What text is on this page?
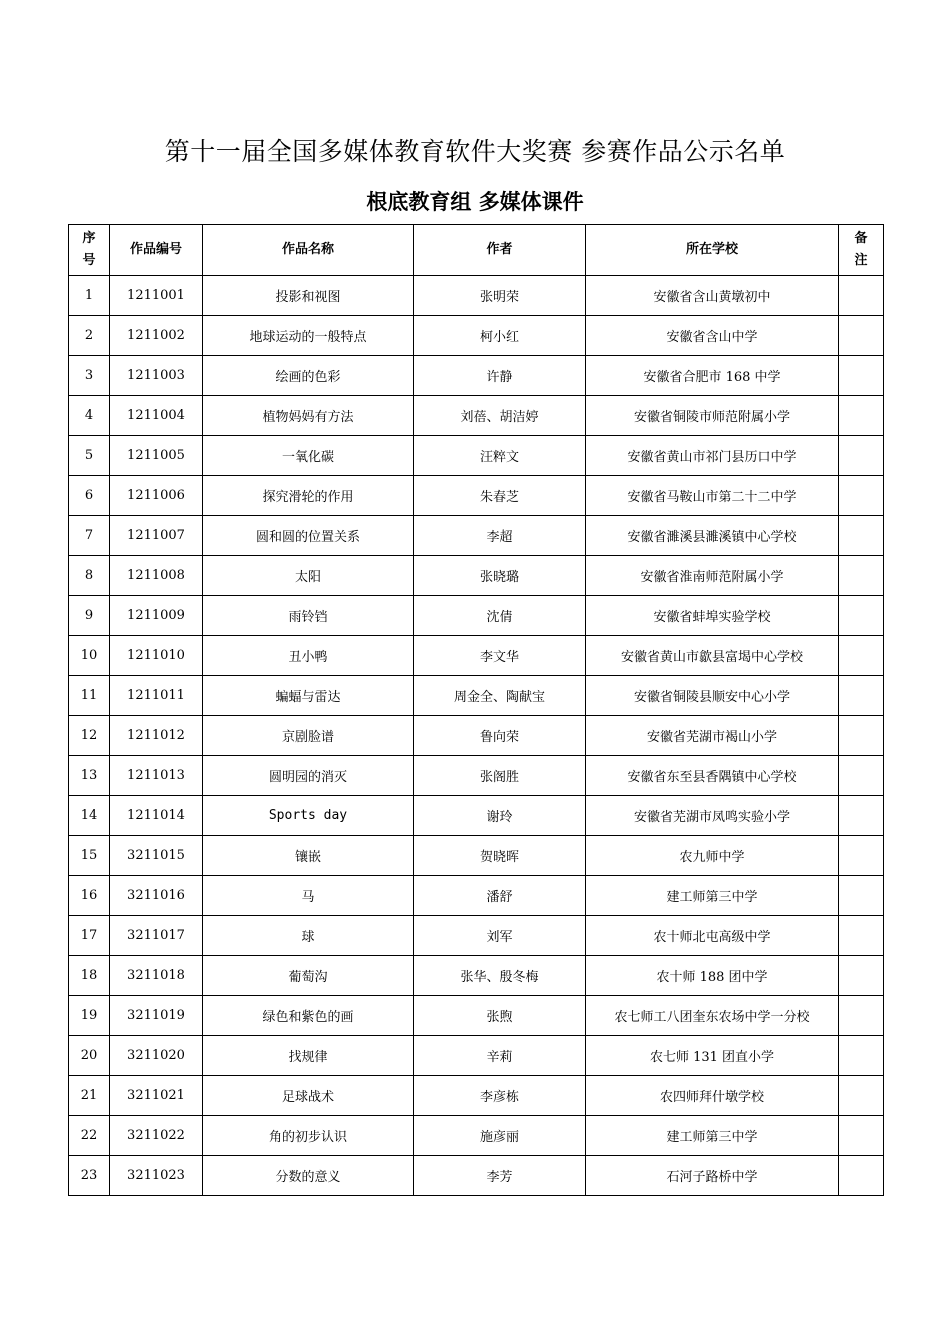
第十一届全国多媒体教育软件大奖赛 参赛作品公示名单
根底教育组 多媒体课件
序
号	作品编号	作品名称	作者	所在学校	备
注
1	1211001	投影和视图	张明荣	安徽省含山黄墩初中	
2	1211002	地球运动的一般特点	柯小红	安徽省含山中学	
3	1211003	绘画的色彩	许静	安徽省合肥市 168 中学	
4	1211004	植物妈妈有方法	刘蓓、胡洁婷	安徽省铜陵市师范附属小学	
5	1211005	一氧化碳	汪粹文	安徽省黄山市祁门县历口中学	
6	1211006	探究滑轮的作用	朱春芝	安徽省马鞍山市第二十二中学	
7	1211007	圆和圆的位置关系	李超	安徽省濉溪县濉溪镇中心学校	
8	1211008	太阳	张晓璐	安徽省淮南师范附属小学	
9	1211009	雨铃铛	沈倩	安徽省蚌埠实验学校	
10	1211010	丑小鸭	李文华	安徽省黄山市歙县富堨中心学校	
11	1211011	蝙蝠与雷达	周金全、陶献宝	安徽省铜陵县顺安中心小学	
12	1211012	京剧脸谱	鲁向荣	安徽省芜湖市褐山小学	
13	1211013	圆明园的消灭	张阁胜	安徽省东至县香隅镇中心学校	
14	1211014	Sports day	谢玲	安徽省芜湖市凤鸣实验小学	
15	3211015	镶嵌	贺晓晖	农九师中学	
16	3211016	马	潘舒	建工师第三中学	
17	3211017	球	刘军	农十师北屯高级中学	
18	3211018	葡萄沟	张华、殷冬梅	农十师 188 团中学	
19	3211019	绿色和紫色的画	张煦	农七师工八团奎东农场中学一分校	
20	3211020	找规律	辛莉	农七师 131 团直小学	
21	3211021	足球战术	李彦栋	农四师拜什墩学校	
22	3211022	角的初步认识	施彦丽	建工师第三中学	
23	3211023	分数的意义	李芳	石河子路桥中学	
